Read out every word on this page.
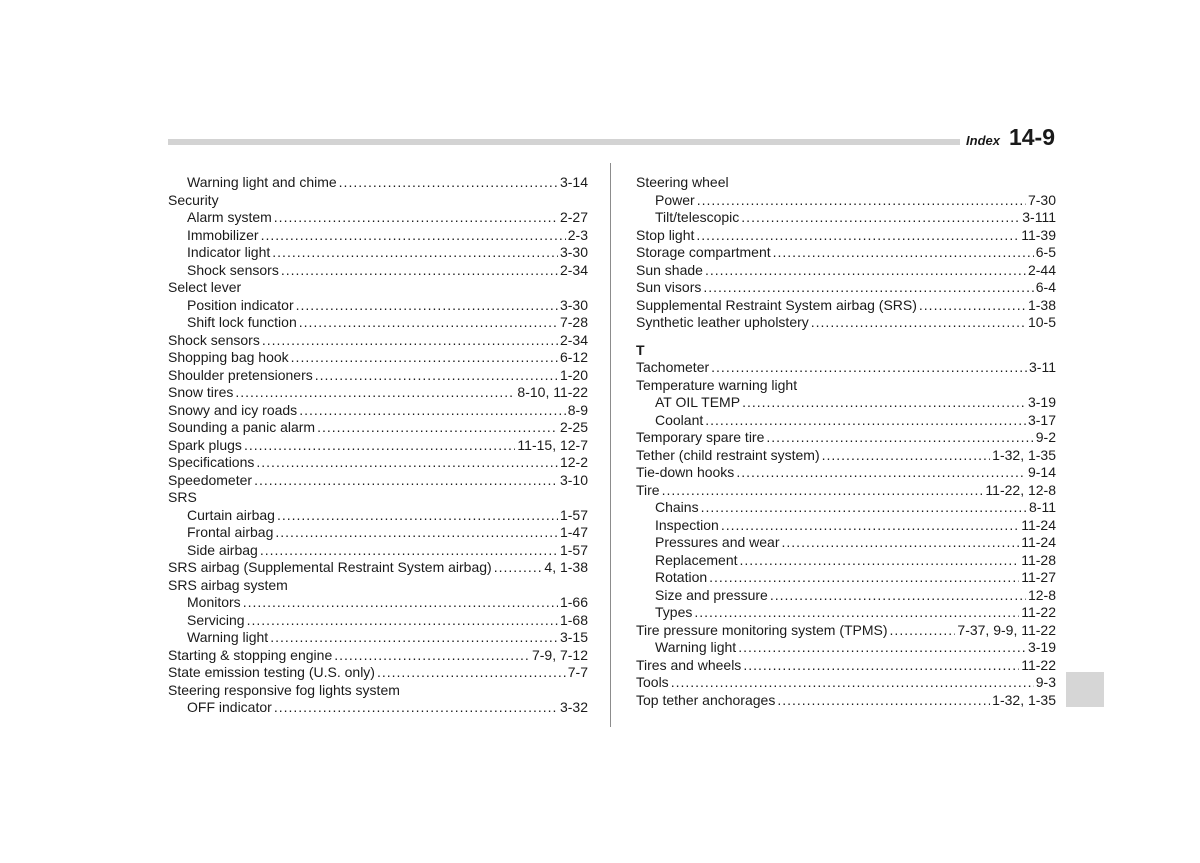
Index 14-9
Warning light and chime .....	3-14
Security
Alarm system .....	2-27
Immobilizer .....	2-3
Indicator light .....	3-30
Shock sensors .....	2-34
Select lever
Position indicator .....	3-30
Shift lock function .....	7-28
Shock sensors .....	2-34
Shopping bag hook .....	6-12
Shoulder pretensioners .....	1-20
Snow tires .....	8-10, 11-22
Snowy and icy roads .....	8-9
Sounding a panic alarm .....	2-25
Spark plugs .....	11-15, 12-7
Specifications .....	12-2
Speedometer .....	3-10
SRS
Curtain airbag .....	1-57
Frontal airbag .....	1-47
Side airbag .....	1-57
SRS airbag (Supplemental Restraint System airbag) .....	4, 1-38
SRS airbag system
Monitors .....	1-66
Servicing .....	1-68
Warning light .....	3-15
Starting & stopping engine .....	7-9, 7-12
State emission testing (U.S. only) .....	7-7
Steering responsive fog lights system
OFF indicator .....	3-32
Steering wheel
Power .....	7-30
Tilt/telescopic .....	3-111
Stop light .....	11-39
Storage compartment .....	6-5
Sun shade .....	2-44
Sun visors .....	6-4
Supplemental Restraint System airbag (SRS) .....	1-38
Synthetic leather upholstery .....	10-5
T
Tachometer .....	3-11
Temperature warning light
AT OIL TEMP .....	3-19
Coolant .....	3-17
Temporary spare tire .....	9-2
Tether (child restraint system) .....	1-32, 1-35
Tie-down hooks .....	9-14
Tire .....	11-22, 12-8
Chains .....	8-11
Inspection .....	11-24
Pressures and wear .....	11-24
Replacement .....	11-28
Rotation .....	11-27
Size and pressure .....	12-8
Types .....	11-22
Tire pressure monitoring system (TPMS) .....	7-37, 9-9, 11-22
Warning light .....	3-19
Tires and wheels .....	11-22
Tools .....	9-3
Top tether anchorages .....	1-32, 1-35
